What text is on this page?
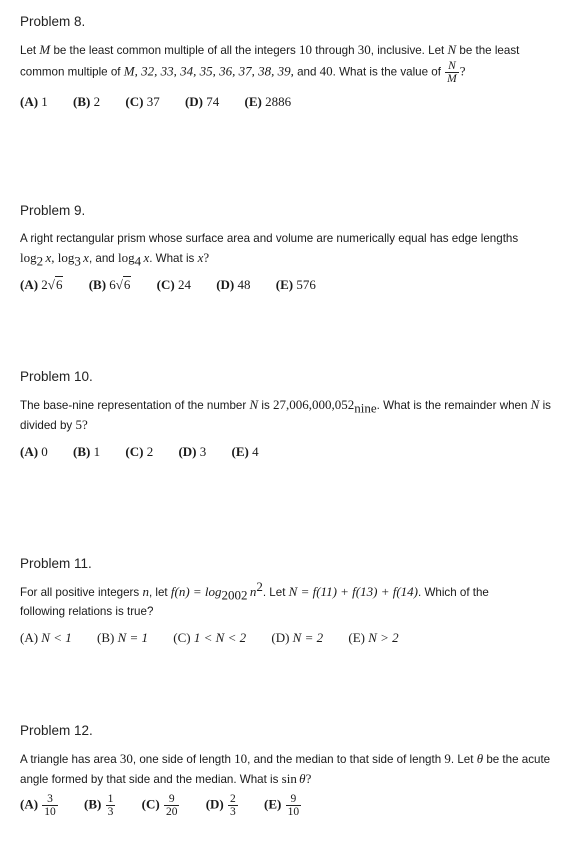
Problem 8.

Let M be the least common multiple of all the integers 10 through 30, inclusive. Let N be the least
common multiple of M, 32, 33, 34, 35, 36, 37, 38, 39, and 40. What is the value of $\frac{N}{M}$ ?

(A) 1 (B) 2 (C) 37 (D) 74 (E) 2886
Problem 9.

A right rectangular prism whose surface area and volume are numerically equal has edge lengths
$\log_2 x$, $\log_3 x$, and $\log_4 x$. What is x?

(A) 2√6 (B) 6√6 (C) 24 (D) 48 (E) 576
Problem 10.

The base-nine representation of the number N is $27,006,000,052_{nine}$. What is the remainder when N is
divided by 5?

(A) 0 (B) 1 (C) 2 (D) 3 (E) 4
Problem 11.

For all positive integers n, let $f(n) = \log_{2002} n^2$. Let N = f(11) + f(13) + f(14). Which of the
following relations is true?

(A) N < 1 (B) N = 1 (C) 1 < N < 2 (D) N = 2 (E) N > 2
Problem 12.

A triangle has area 30, one side of length 10, and the median to that side of length 9. Let θ be the acute
angle formed by that side and the median. What is sin  θ?

$(A) \frac{3}{10} (B) \frac{1}{3} (C) \frac{9}{20} (D) \frac{2}{3} (E) \frac{9}{10}$
